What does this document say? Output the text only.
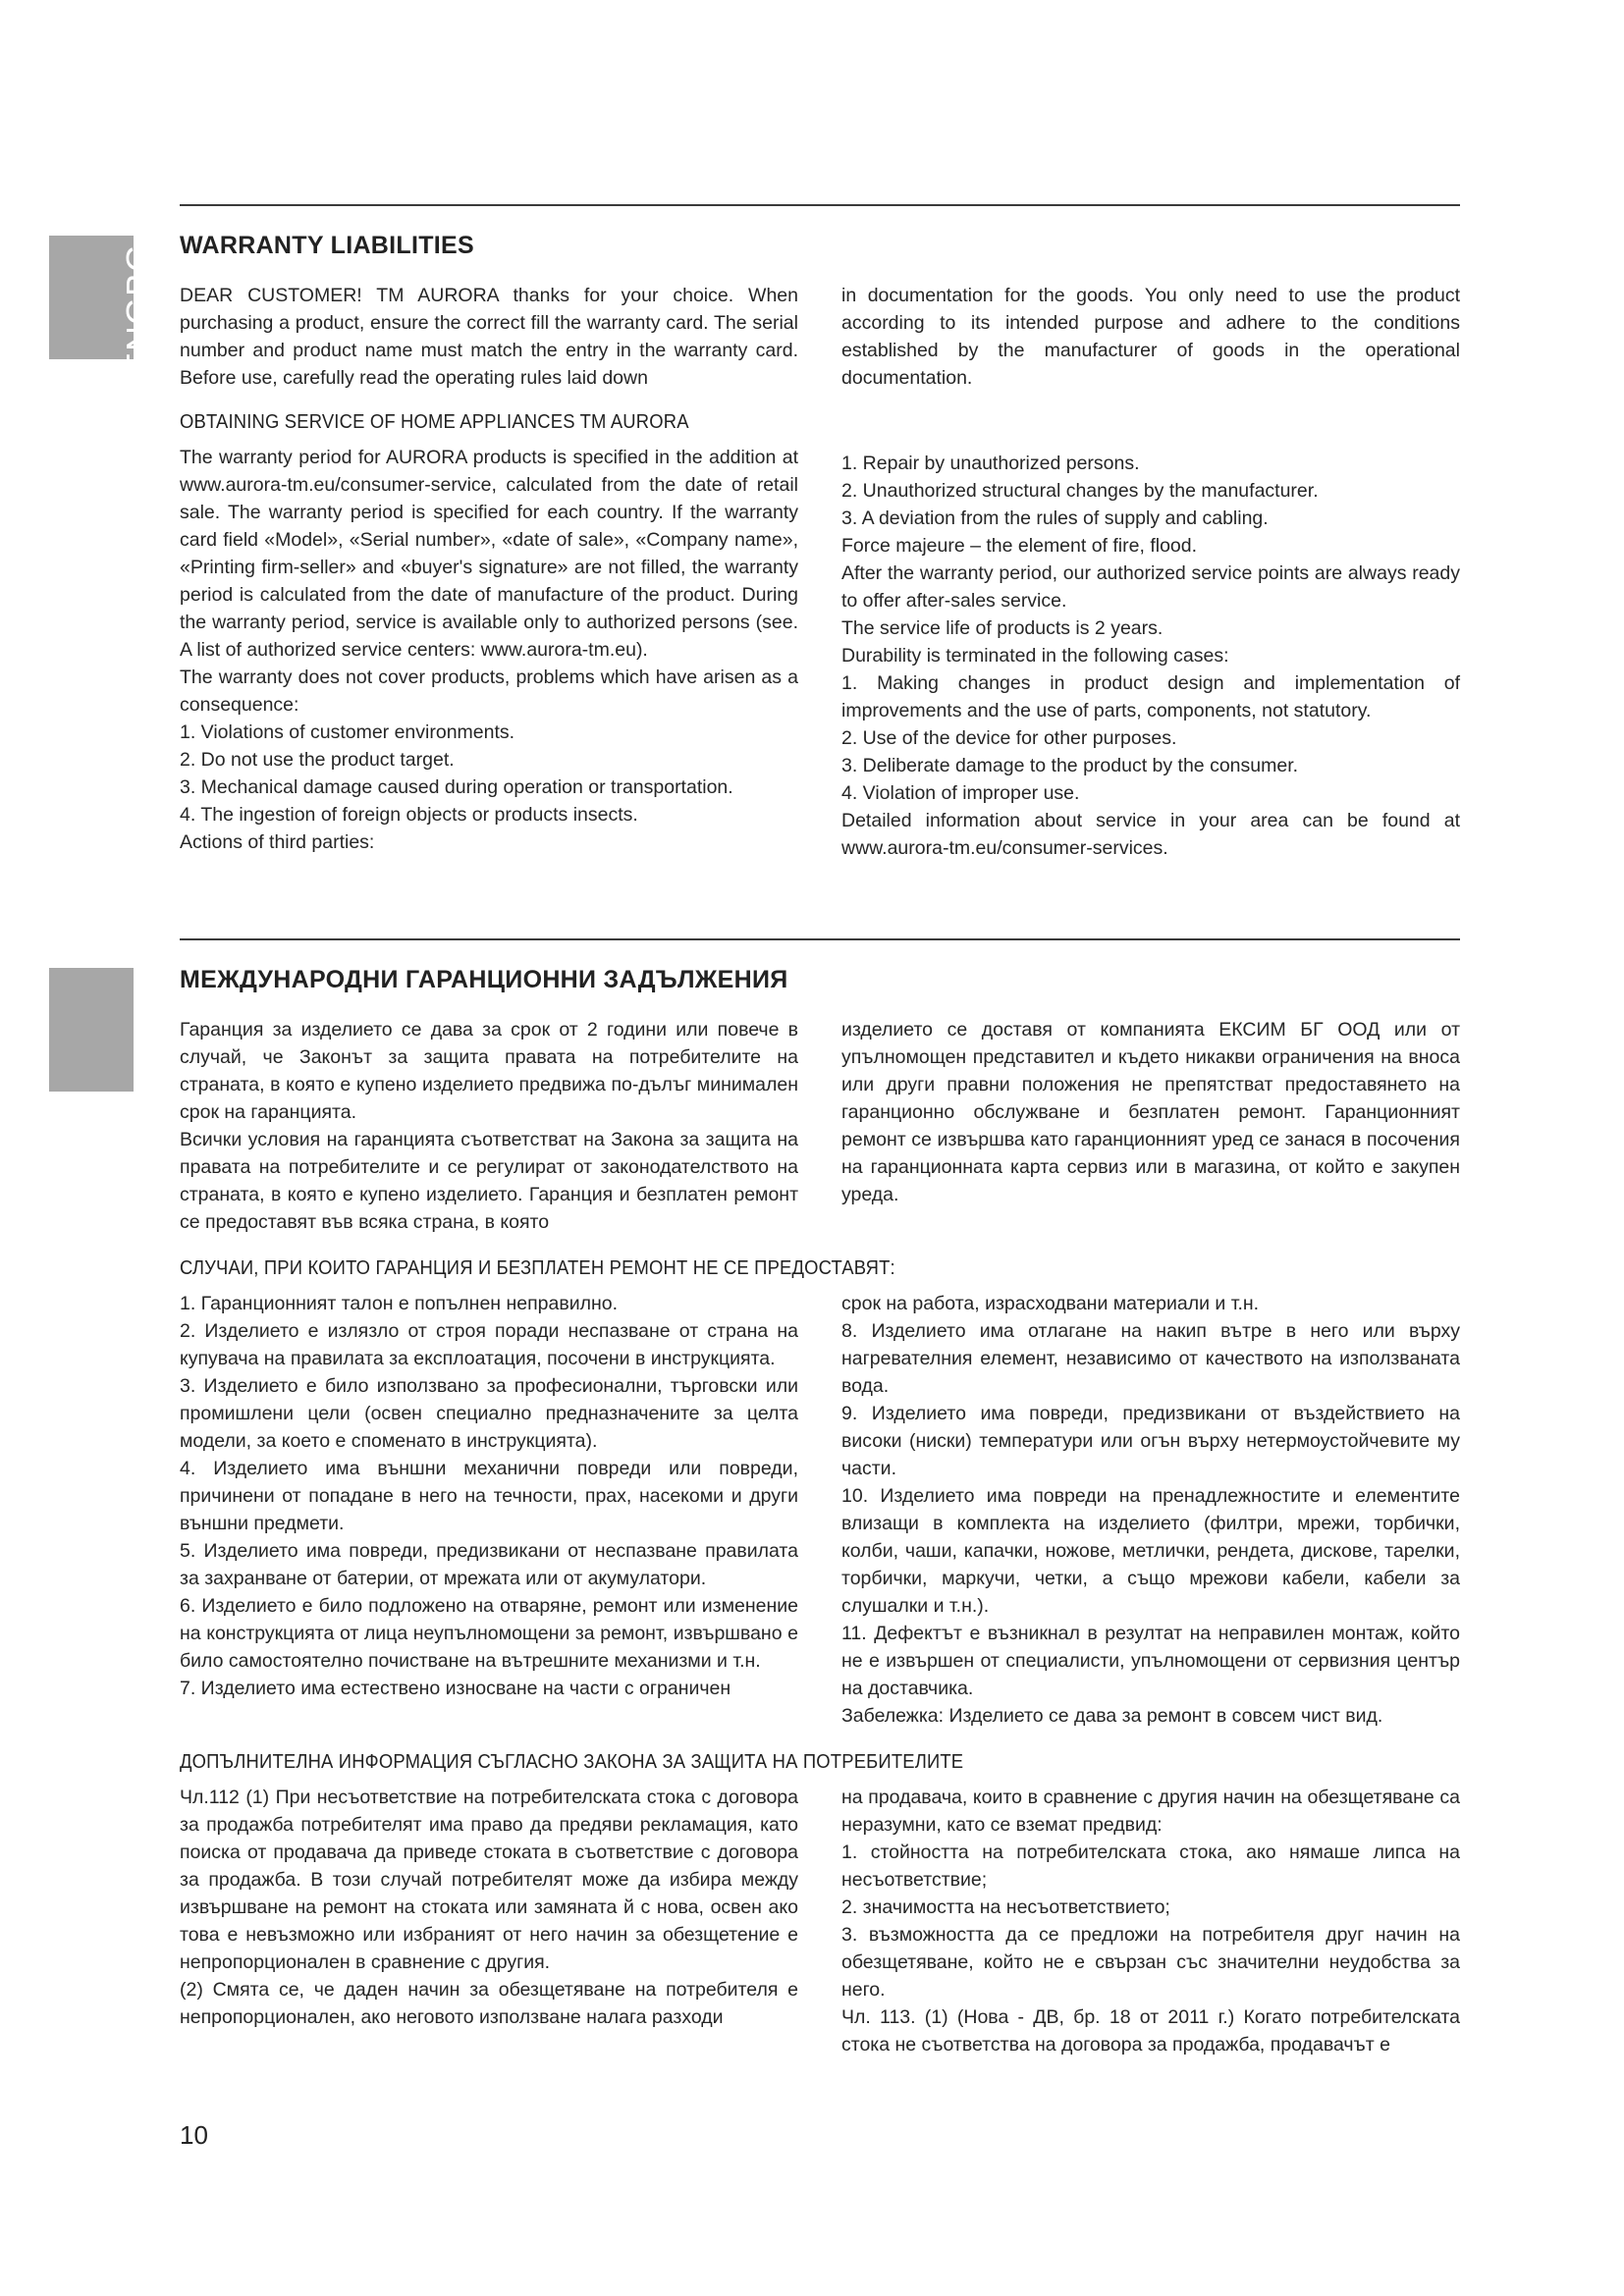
ENGBG WARRANTY LIABILITIES

DEAR CUSTOMER! TM AURORA thanks for your choice. When purchasing a product, ensure the correct fill the warranty card. The serial number and product name must match the entry in the warranty card. Before use, carefully read the operating rules laid down

in documentation for the goods. You only need to use the product according to its intended purpose and adhere to the conditions established by the manufacturer of goods in the operational documentation.

OBTAINING SERVICE OF HOME APPLIANCES TM AURORA

The warranty period for AURORA products is specified in the addition at www.aurora-tm.eu/consumer-service, calculated from the date of retail sale. The warranty period is specified for each country. If the warranty card field «Model», «Serial number», «date of sale», «Company name», «Printing firm-seller» and «buyer's signature» are not filled, the warranty period is calculated from the date of manufacture of the product. During the warranty period, service is available only to authorized persons (see. A list of authorized service centers: www.aurora-tm.eu).

The warranty does not cover products, problems which have arisen as a consequence:

1. Violations of customer environments.

2. Do not use the product target.

3. Mechanical damage caused during operation or transportation.

4. The ingestion of foreign objects or products insects.

Actions of third parties:

1. Repair by unauthorized persons.

2. Unauthorized structural changes by the manufacturer.

3. A deviation from the rules of supply and cabling.

Force majeure – the element of fire, flood.

After the warranty period, our authorized service points are always ready to offer after-sales service.

The service life of products is 2 years.

Durability is terminated in the following cases:

1. Making changes in product design and implementation of improvements and the use of parts, components, not statutory.

2. Use of the device for other purposes.

3. Deliberate damage to the product by the consumer.

4. Violation of improper use.

Detailed information about service in your area can be found at www.aurora-tm.eu/consumer-services.

МЕЖДУНАРОДНИ ГАРАНЦИОННИ ЗАДЪЛЖЕНИЯ

Гаранция за изделието се дава за срок от 2 години или повече в случай, че Законът за защита правата на потребителите на страната, в която е купено изделието предвижа по-дълъг минимален срок на гаранцията.

Всички условия на гаранцията съответстват на Закона за защита на правата на потребителите и се регулират от законодателството на страната, в която е купено изделието. Гаранция и безплатен ремонт се предоставят във всяка страна, в която

изделието се доставя от компанията ЕКСИМ БГ ООД или от упълномощен представител и където никакви ограничения на вноса или други правни положения не препятстват предоставянето на гаранционно обслужване и безплатен ремонт. Гаранционният ремонт се извършва като гаранционният уред се занася в посочения на гаранционната карта сервиз или в магазина, от който е закупен уреда.

СЛУЧАИ, ПРИ КОИТО ГАРАНЦИЯ И БЕЗПЛАТЕН РЕМОНТ НЕ СЕ ПРЕДОСТАВЯТ:

1. Гаранционният талон е попълнен неправилно.

2. Изделието е излязло от строя поради неспазване от страна на купувача на правилата за експлоатация, посочени в инструкцията.

3. Изделието е било използвано за професионални, търговски или промишлени цели (освен специално предназначените за целта модели, за което е споменато в инструкцията).

4. Изделието има външни механични повреди или повреди, причинени от попадане в него на течности, прах, насекоми и други външни предмети.

5. Изделието има повреди, предизвикани от неспазване правилата за захранване от батерии, от мрежата или от акумулатори.

6. Изделието е било подложено на отваряне, ремонт или изменение на конструкцията от лица неупълномощени за ремонт, извършвано е било самостоятелно почистване на вътрешните механизми и т.н.

7. Изделието има естествено износване на части с ограничен

срок на работа, израсходвани материали и т.н.

8. Изделието има отлагане на накип вътре в него или върху нагревателния елемент, независимо от качеството на използваната вода.

9. Изделието има повреди, предизвикани от въздействието на високи (ниски) температури или огън върху нетермоустойчевите му части.

10. Изделието има повреди на пренадлежностите и елементите влизащи в комплекта на изделието (филтри, мрежи, торбички, колби, чаши, капачки, ножове, метлички, рендета, дискове, тарелки, торбички, маркучи, четки, а също мрежови кабели, кабели за слушалки и т.н.).

11. Дефектът е възникнал в резултат на неправилен монтаж, който не е извършен от специалисти, упълномощени от сервизния център на доставчика.

Забележка: Изделието се дава за ремонт в совсем чист вид.

ДОПЪЛНИТЕЛНА ИНФОРМАЦИЯ СЪГЛАСНО ЗАКОНА ЗА ЗАЩИТА НА ПОТРЕБИТЕЛИТЕ

Чл.112 (1) При несъответствие на потребителската стока с договора за продажба потребителят има право да предяви рекламация, като поиска от продавача да приведе стоката в съответствие с договора за продажба. В този случай потребителят може да избира между извършване на ремонт на стоката или замяната й с нова, освен ако това е невъзможно или избраният от него начин за обезщетение е непропорционален в сравнение с другия.

(2) Смята се, че даден начин за обезщетяване на потребителя е непропорционален, ако неговото използване налага разходи

на продавача, които в сравнение с другия начин на обезщетяване са неразумни, като се вземат предвид:

1. стойността на потребителската стока, ако нямаше липса на несъответствие;

2. значимостта на несъответствието;

3. възможността да се предложи на потребителя друг начин на обезщетяване, който не е свързан със значителни неудобства за него.

Чл. 113. (1) (Нова - ДВ, бр. 18 от 2011 г.) Когато потребителската стока не съответства на договора за продажба, продавачът е

10
